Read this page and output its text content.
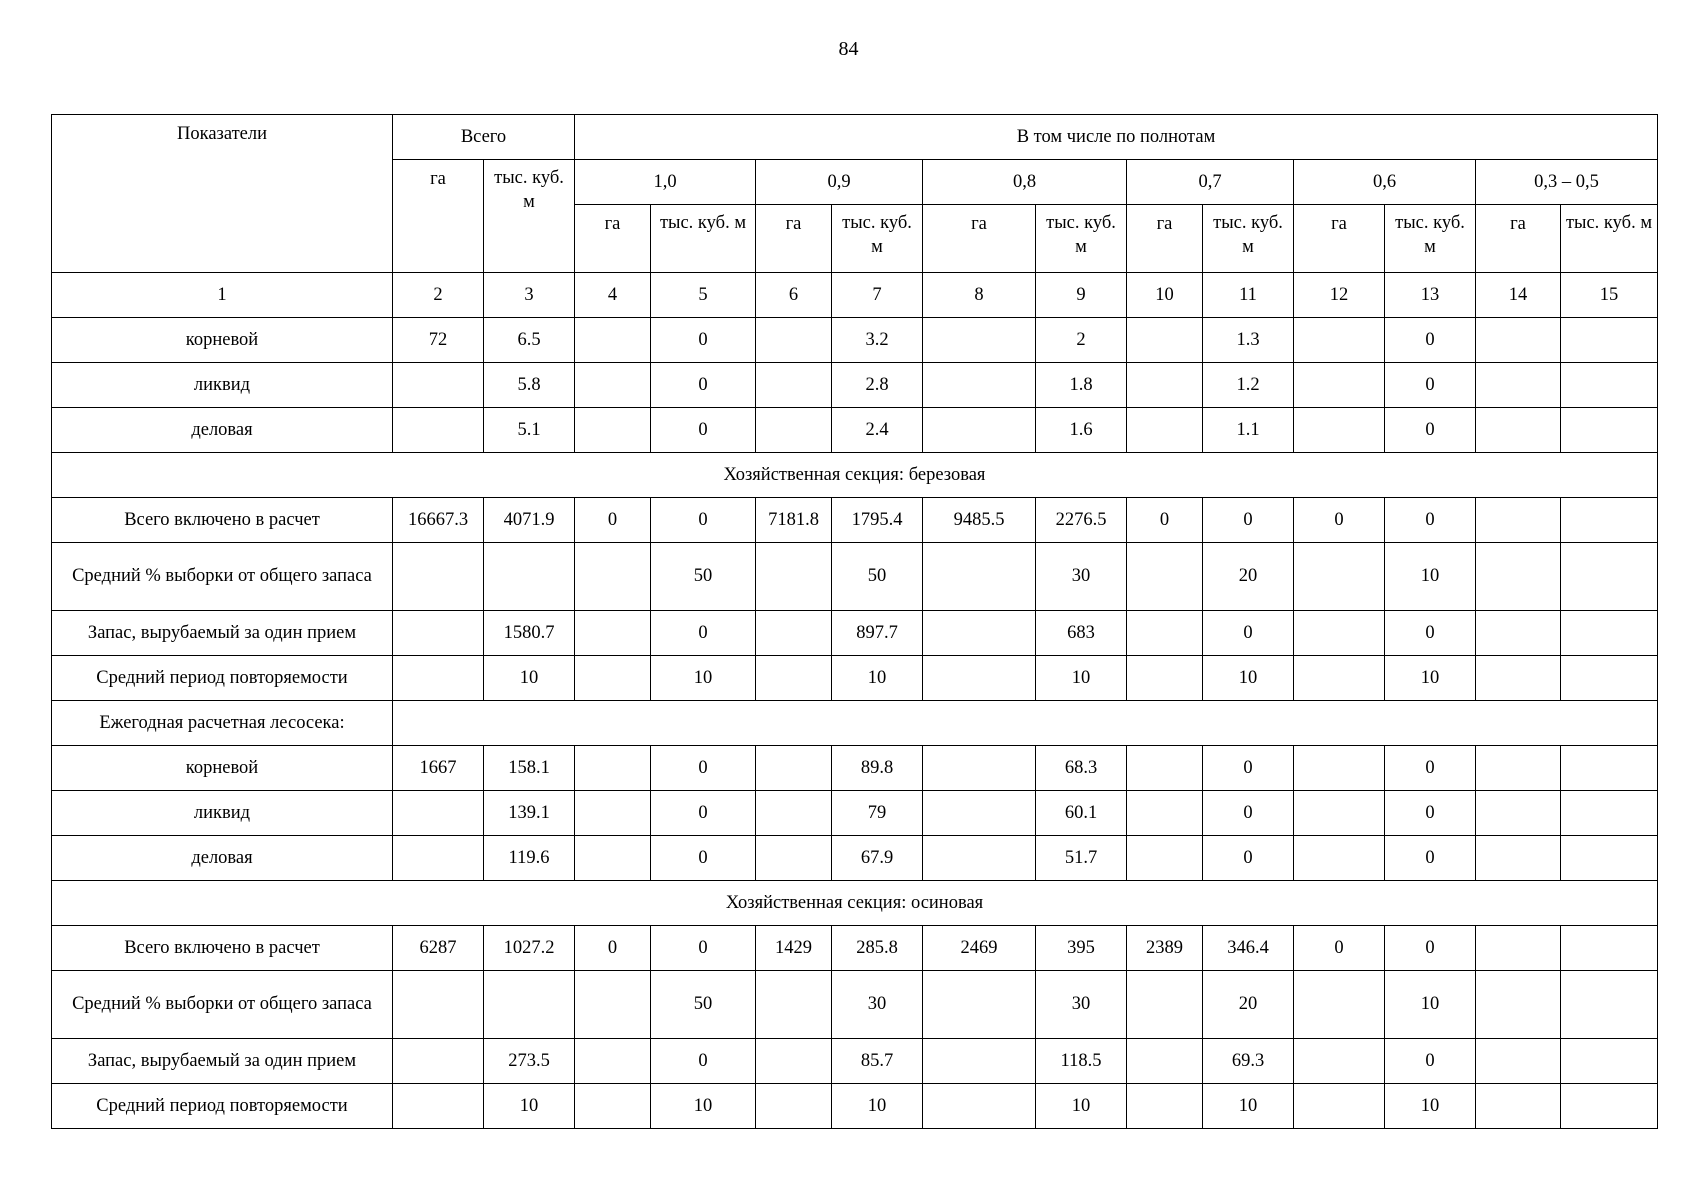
84
Показатели	Всего		В том числе по полнотам											
	га	тыс. куб. м	1,0		0,9		0,8		0,7		0,6		0,3 – 0,5	
			га	тыс. куб. м	га	тыс. куб. м	га	тыс. куб. м	га	тыс. куб. м	га	тыс. куб. м	га	тыс. куб. м
1	2	3	4	5	6	7	8	9	10	11	12	13	14	15
корневой	72	6.5		0		3.2		2		1.3		0		
ликвид		5.8		0		2.8		1.8		1.2		0		
деловая		5.1		0		2.4		1.6		1.1		0		
Хозяйственная секция: березовая														
Всего включено в расчет	16667.3	4071.9	0	0	7181.8	1795.4	9485.5	2276.5	0	0	0	0		
Средний % выборки от общего запаса				50		50		30		20		10		
Запас, вырубаемый за один прием		1580.7		0		897.7		683		0		0		
Средний период повторяемости		10		10		10		10		10		10		
Ежегодная расчетная лесосека:														
корневой	1667	158.1		0		89.8		68.3		0		0		
ликвид		139.1		0		79		60.1		0		0		
деловая		119.6		0		67.9		51.7		0		0		
Хозяйственная секция: осиновая														
Всего включено в расчет	6287	1027.2	0	0	1429	285.8	2469	395	2389	346.4	0	0		
Средний % выборки от общего запаса				50		30		30		20		10		
Запас, вырубаемый за один прием		273.5		0		85.7		118.5		69.3		0		
Средний период повторяемости		10		10		10		10		10		10		
